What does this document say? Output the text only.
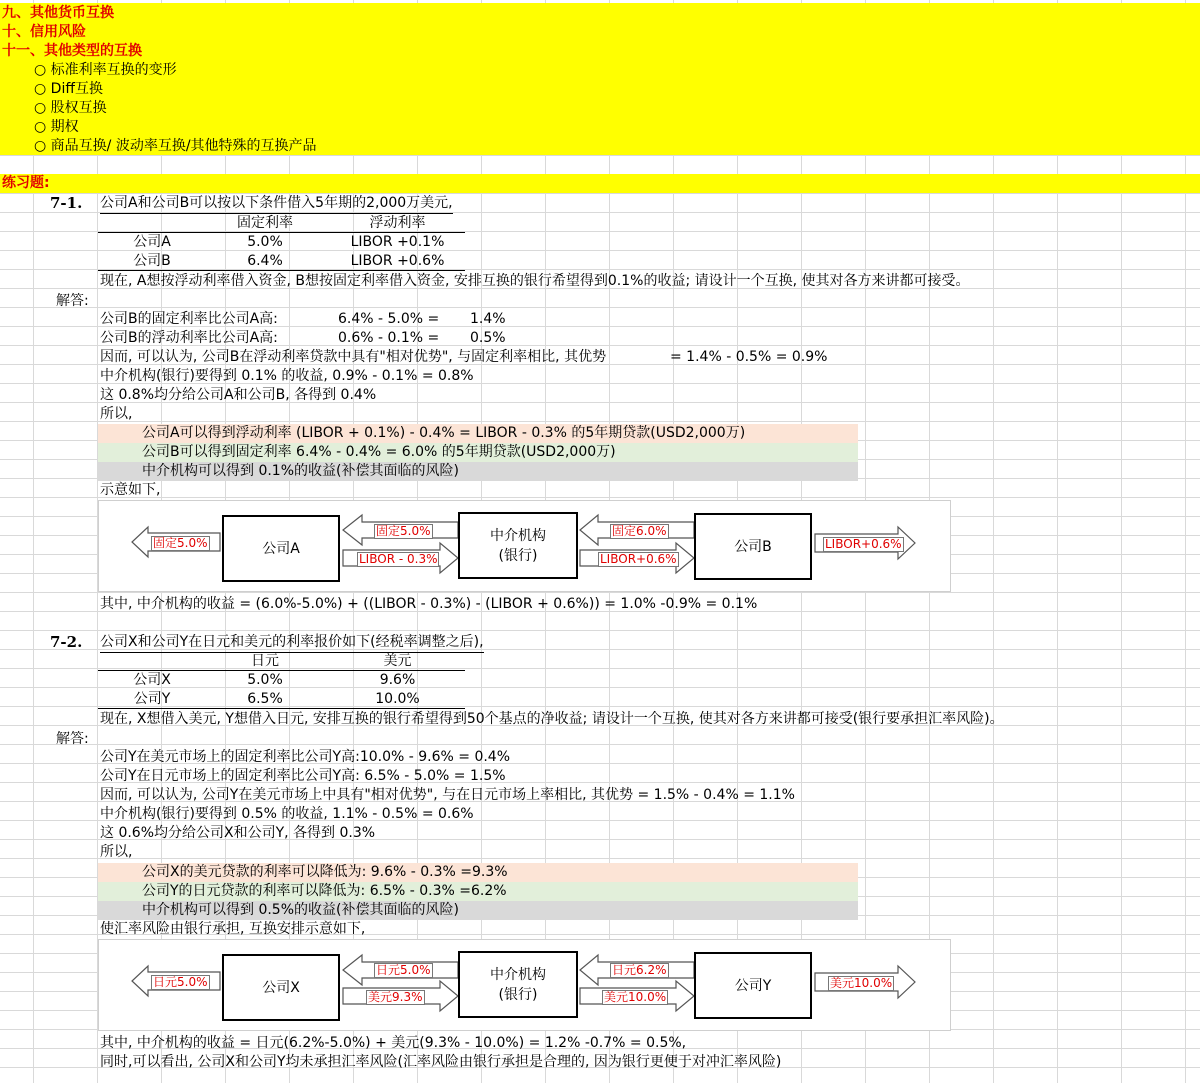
九、其他货币互换
十、信用风险
十一、其他类型的互换
○ 标准利率互换的变形
○ Diff互换
○ 股权互换
○ 期权
○ 商品互换/ 波动率互换/其他特殊的互换产品
练习题:
7-1. 公司A和公司B可以按以下条件借入5年期的2,000万美元,
固定利率	浮动利率
公司A	5.0%	LIBOR +0.1%
公司B	6.4%	LIBOR +0.6%
现在, A想按浮动利率借入资金, B想按固定利率借入资金, 安排互换的银行希望得到0.1%的收益; 请设计一个互换, 使其对各方来讲都可接受。
解答:
公司B的固定利率比公司A高:	6.4% - 5.0% = 1.4%
公司B的浮动利率比公司A高:	0.6% - 0.1% = 0.5%
因而, 可以认为, 公司B在浮动利率贷款中具有"相对优势", 与固定利率相比, 其优势	= 1.4% - 0.5% = 0.9%
中介机构(银行)要得到 0.1% 的收益, 0.9% - 0.1% = 0.8%
这 0.8%均分给公司A和公司B, 各得到 0.4%
所以,
公司A可以得到浮动利率 (LIBOR + 0.1%) - 0.4% = LIBOR - 0.3% 的5年期贷款(USD2,000万)
公司B可以得到固定利率 6.4% - 0.4% = 6.0% 的5年期贷款(USD2,000万)
中介机构可以得到 0.1%的收益(补偿其面临的风险)
示意如下,
公司A
中介机构
(银行)
公司B
固定5.0%
固定5.0%
LIBOR - 0.3%
固定6.0%
LIBOR+0.6%
LIBOR+0.6%
其中, 中介机构的收益 = (6.0%-5.0%) + ((LIBOR - 0.3%) - (LIBOR + 0.6%)) = 1.0% -0.9% = 0.1%
7-2. 公司X和公司Y在日元和美元的利率报价如下(经税率调整之后),
日元	美元
公司X	5.0%	9.6%
公司Y	6.5%	10.0%
现在, X想借入美元, Y想借入日元, 安排互换的银行希望得到50个基点的净收益; 请设计一个互换, 使其对各方来讲都可接受(银行要承担汇率风险)。
解答:
公司Y在美元市场上的固定利率比公司Y高:10.0% - 9.6% = 0.4%
公司Y在日元市场上的固定利率比公司Y高: 6.5% - 5.0% = 1.5%
因而, 可以认为, 公司Y在美元市场上中具有"相对优势", 与在日元市场上率相比, 其优势 = 1.5% - 0.4% = 1.1%
中介机构(银行)要得到 0.5% 的收益, 1.1% - 0.5% = 0.6%
这 0.6%均分给公司X和公司Y, 各得到 0.3%
所以,
公司X的美元贷款的利率可以降低为: 9.6% - 0.3% =9.3%
公司Y的日元贷款的利率可以降低为: 6.5% - 0.3% =6.2%
中介机构可以得到 0.5%的收益(补偿其面临的风险)
使汇率风险由银行承担, 互换安排示意如下,
公司X
中介机构
(银行)
公司Y
日元5.0%
日元5.0%
美元9.3%
日元6.2%
美元10.0%
美元10.0%
其中, 中介机构的收益 = 日元(6.2%-5.0%) + 美元(9.3% - 10.0%) = 1.2% -0.7% = 0.5%,
同时,可以看出, 公司X和公司Y均未承担汇率风险(汇率风险由银行承担是合理的, 因为银行更便于对冲汇率风险)
